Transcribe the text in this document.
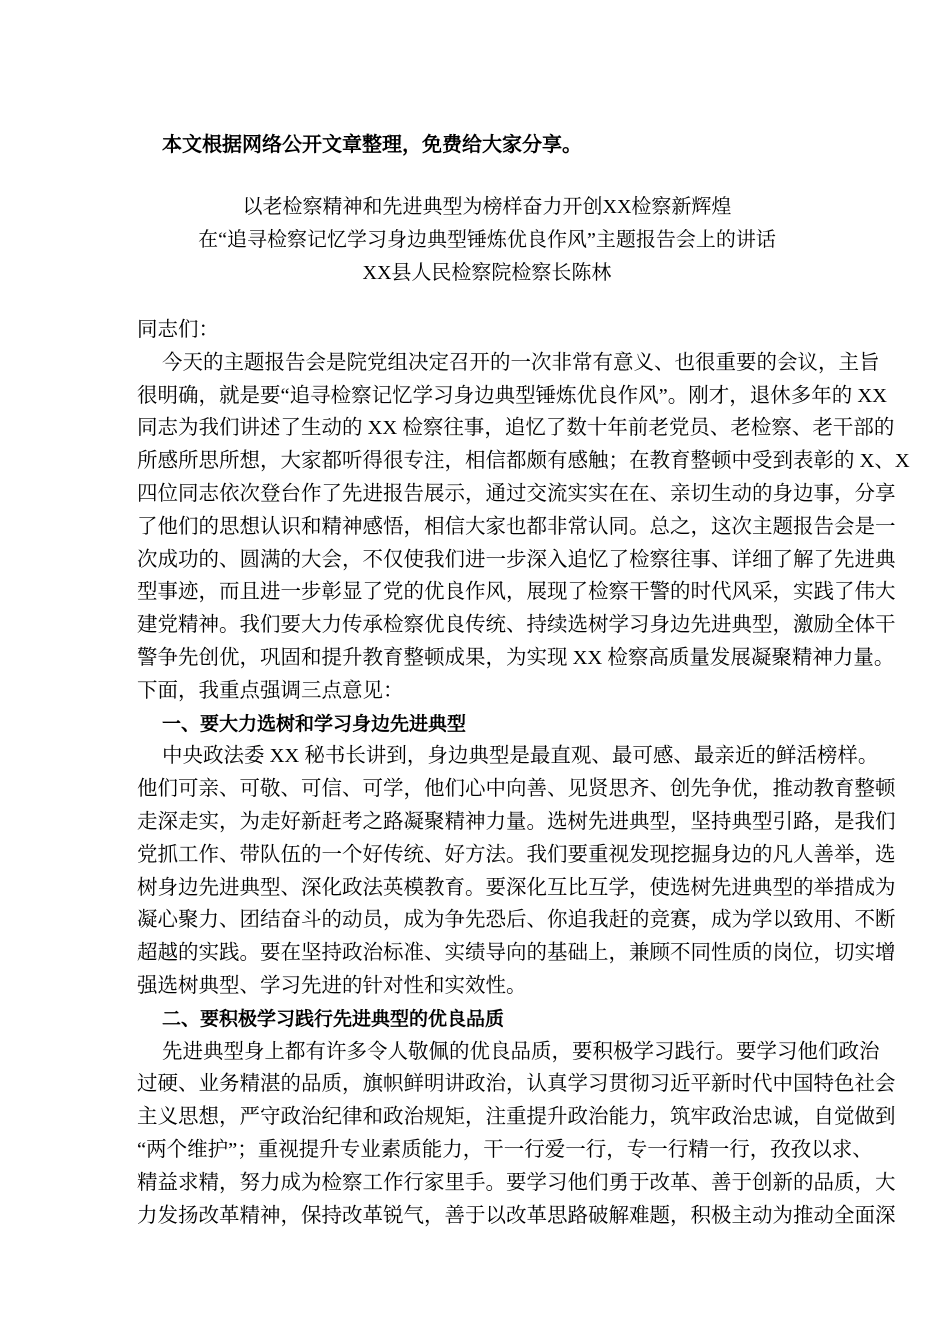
本文根据网络公开文章整理，免费给大家分享。
以老检察精神和先进典型为榜样奋力开创XX检察新辉煌
在“追寻检察记忆学习身边典型锤炼优良作风”主题报告会上的讲话
XX县人民检察院检察长陈林
同志们：
今天的主题报告会是院党组决定召开的一次非常有意义、也很重要的会议，主旨
很明确，就是要“追寻检察记忆学习身边典型锤炼优良作风”。刚才，退休多年的 XX
同志为我们讲述了生动的 XX 检察往事，追忆了数十年前老党员、老检察、老干部的
所感所思所想，大家都听得很专注，相信都颇有感触；在教育整顿中受到表彰的 X、X
四位同志依次登台作了先进报告展示，通过交流实实在在、亲切生动的身边事，分享
了他们的思想认识和精神感悟，相信大家也都非常认同。总之，这次主题报告会是一
次成功的、圆满的大会，不仅使我们进一步深入追忆了检察往事、详细了解了先进典
型事迹，而且进一步彰显了党的优良作风，展现了检察干警的时代风采，实践了伟大
建党精神。我们要大力传承检察优良传统、持续选树学习身边先进典型，激励全体干
警争先创优，巩固和提升教育整顿成果，为实现 XX 检察高质量发展凝聚精神力量。
下面，我重点强调三点意见：
一、要大力选树和学习身边先进典型
中央政法委 XX 秘书长讲到，身边典型是最直观、最可感、最亲近的鲜活榜样。
他们可亲、可敬、可信、可学，他们心中向善、见贤思齐、创先争优，推动教育整顿
走深走实，为走好新赶考之路凝聚精神力量。选树先进典型，坚持典型引路，是我们
党抓工作、带队伍的一个好传统、好方法。我们要重视发现挖掘身边的凡人善举，选
树身边先进典型、深化政法英模教育。要深化互比互学，使选树先进典型的举措成为
凝心聚力、团结奋斗的动员，成为争先恐后、你追我赶的竞赛，成为学以致用、不断
超越的实践。要在坚持政治标准、实绩导向的基础上，兼顾不同性质的岗位，切实增
强选树典型、学习先进的针对性和实效性。
二、要积极学习践行先进典型的优良品质
先进典型身上都有许多令人敬佩的优良品质，要积极学习践行。要学习他们政治
过硬、业务精湛的品质，旗帜鲜明讲政治，认真学习贯彻习近平新时代中国特色社会
主义思想，严守政治纪律和政治规矩，注重提升政治能力，筑牢政治忠诚，自觉做到
“两个维护”；重视提升专业素质能力，干一行爱一行，专一行精一行，孜孜以求、
精益求精，努力成为检察工作行家里手。要学习他们勇于改革、善于创新的品质，大
力发扬改革精神，保持改革锐气，善于以改革思路破解难题，积极主动为推动全面深
